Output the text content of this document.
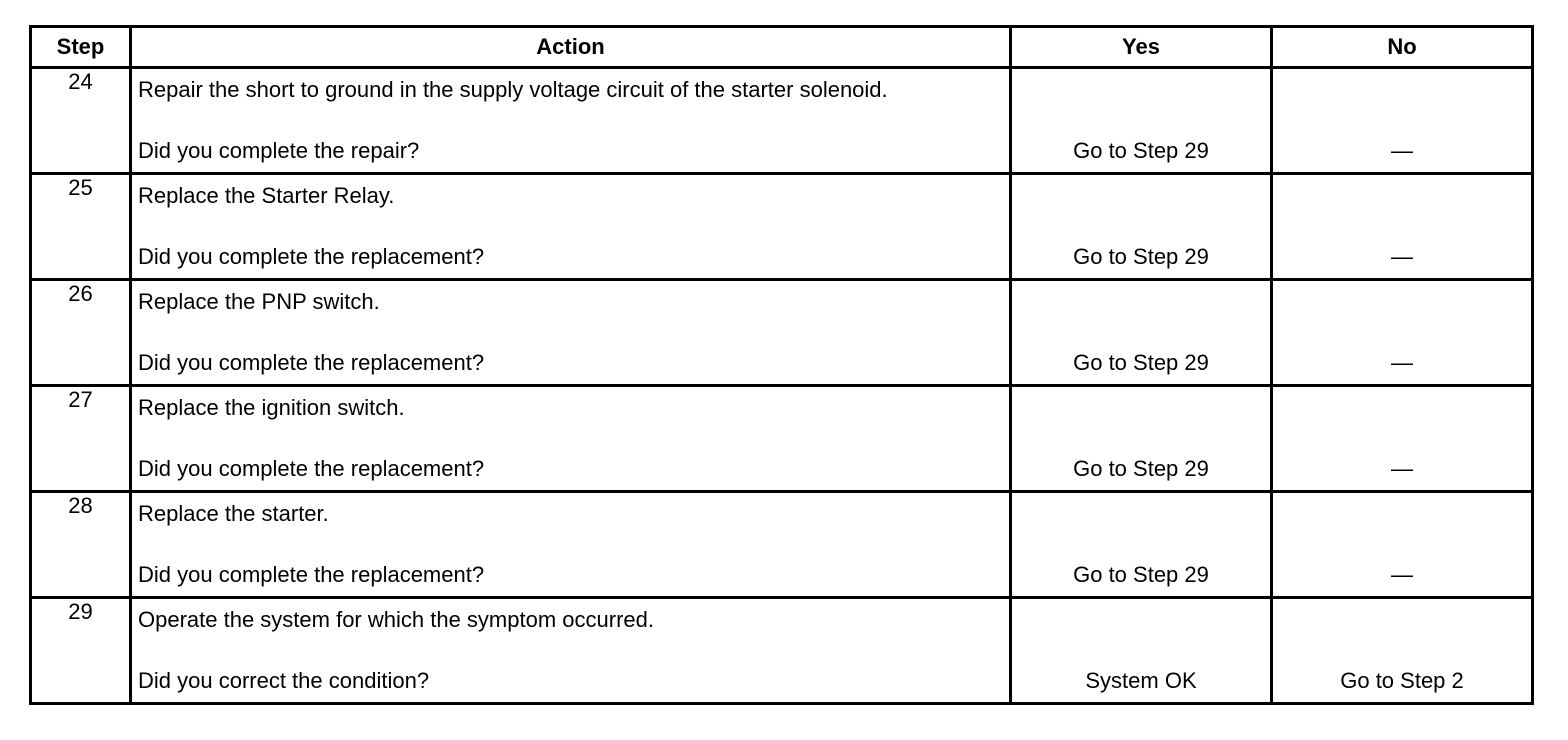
Step	Action	Yes	No
24	Repair the short to ground in the supply voltage circuit of the starter solenoid.
Did you complete the repair?	Go to Step 29	—

25	Replace the Starter Relay.
Did you complete the replacement?	Go to Step 29	—

26	Replace the PNP switch.
Did you complete the replacement?	Go to Step 29	—

27	Replace the ignition switch.
Did you complete the replacement?	Go to Step 29	—

28	Replace the starter.
Did you complete the replacement?	Go to Step 29	—

29	Operate the system for which the symptom occurred.
Did you correct the condition?	System OK	Go to Step 2
